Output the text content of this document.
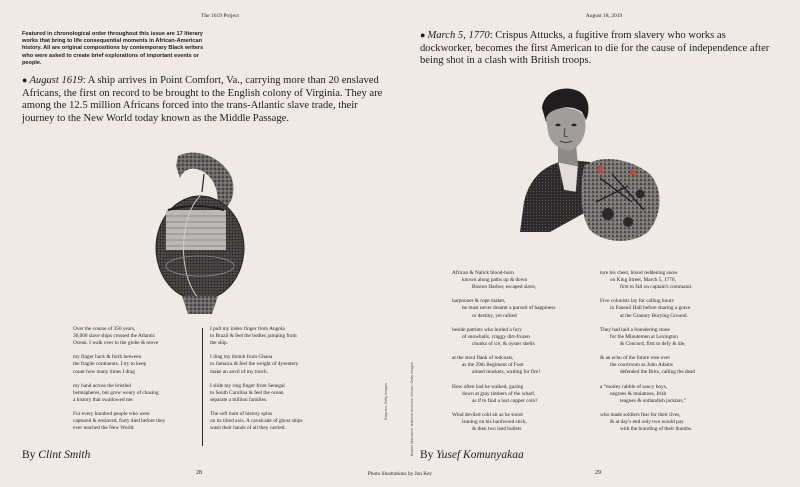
The 1619 Project
Featured in chronological order throughout this issue are 17 literary works that bring to life consequential moments in African-American history. All are original compositions by contemporary Black writers who were asked to create brief explorations of important events or people.
● August 1619: A ship arrives in Point Comfort, Va., carrying more than 20 enslaved Africans, the first on record to be brought to the English colony of Virginia. They are among the 12.5 million Africans forced into the trans-Atlantic slave trade, their journey to the New World today known as the Middle Passage.
Over the course of 350 years,
36,000 slave ships crossed the Atlantic
Ocean. I walk over to the globe & move
my finger back & forth between
the fragile continents. I try to keep
count how many times I drag
my hand across the bristled
hemispheres, but grow weary of chasing
a history that swallowed me.
For every hundred people who were
captured & enslaved, forty died before they
ever reached the New World.
I pull my index finger from Angola
to Brazil & feel the bodies jumping from
the ship.
I drag my thumb from Ghana
to Jamaica & feel the weight of dysentery
make an anvil of my touch.
I slide my ring finger from Senegal
to South Carolina & feel the ocean
separate a million families.
The soft hum of history spins
on its tilted axis. A cavalcade of ghost ships
wash their hands of all they carried.
By Clint Smith
28
Diagram: Getty Images
Photo illustrations by Jon Key
Boston Massacre: National Archives. African: Getty Images.
August 18, 2019
● March 5, 1770: Crispus Attucks, a fugitive from slavery who works as dockworker, becomes the first American to die for the cause of independence after being shot in a clash with British troops.
African & Natick blood-born
known along paths up & down
Boston Harbor, escaped slave,
harpooner & rope maker,
he must never dreamt a pursuit of happiness
or destiny, yet rallied
beside patriots who hurled a fury
of snowballs, craggy dirt-frozen
chunks of ice, & oyster shells
at the stout flank of redcoats,
as the 29th Regiment of Foot
aimed muskets, waiting for fire!
How often had he walked, gazing
down at gray timbers of the wharf,
as if to find a lost copper coin?
Wind deviled cold air as he stood
leaning on his hardwood stick,
& then two lead bullets
tore his chest, blood reddening snow
on King Street, March 5, 1770,
first to fall on captain's command.
Five colonists lay for calling hours
in Faneuil Hall before sharing a grave
at the Granary Burying Ground.
They had laid a foundering stone
for the Minutemen at Lexington
& Concord, first to defy & die,
& an echo of the future rose over
the courtroom as John Adams
defended the Brits, calling the dead
a “motley rabble of saucy boys,
negroes & mulattoes, Irish
teagues & outlandish jacktars,”
who made soldiers fear for their lives,
& at day's end only two would pay
with the branding of their thumbs.
By Yusef Komunyakaa
29
